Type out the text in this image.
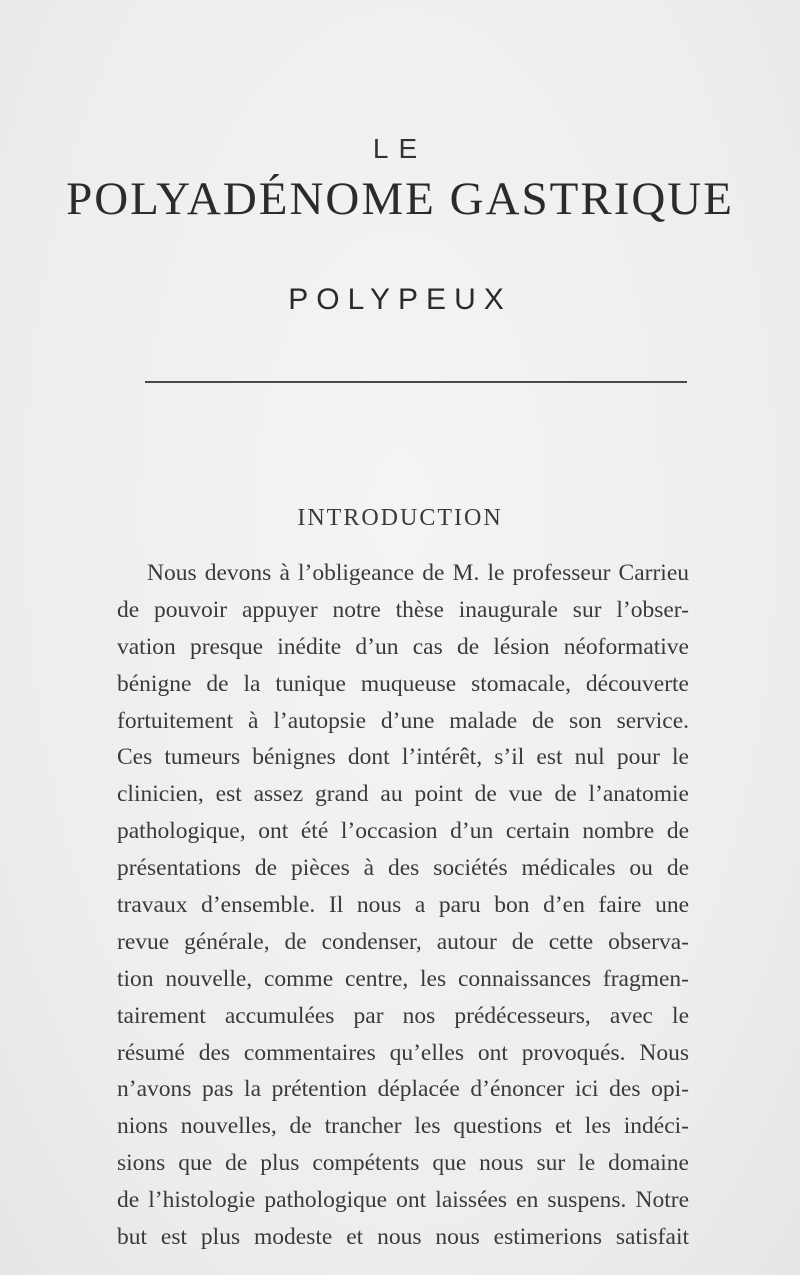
LE
POLYADÉNOME GASTRIQUE
POLYPEUX
INTRODUCTION
Nous devons à l’obligeance de M. le professeur Carrieu
de pouvoir appuyer notre thèse inaugurale sur l’obser-
vation presque inédite d’un cas de lésion néoformative
bénigne de la tunique muqueuse stomacale, découverte
fortuitement à l’autopsie d’une malade de son service.
Ces tumeurs bénignes dont l’intérêt, s’il est nul pour le
clinicien, est assez grand au point de vue de l’anatomie
pathologique, ont été l’occasion d’un certain nombre de
présentations de pièces à des sociétés médicales ou de
travaux d’ensemble. Il nous a paru bon d’en faire une
revue générale, de condenser, autour de cette observa-
tion nouvelle, comme centre, les connaissances fragmen-
tairement accumulées par nos prédécesseurs, avec le
résumé des commentaires qu’elles ont provoqués. Nous
n’avons pas la prétention déplacée d’énoncer ici des opi-
nions nouvelles, de trancher les questions et les indéci-
sions que de plus compétents que nous sur le domaine
de l’histologie pathologique ont laissées en suspens. Notre
but est plus modeste et nous nous estimerions satisfait
